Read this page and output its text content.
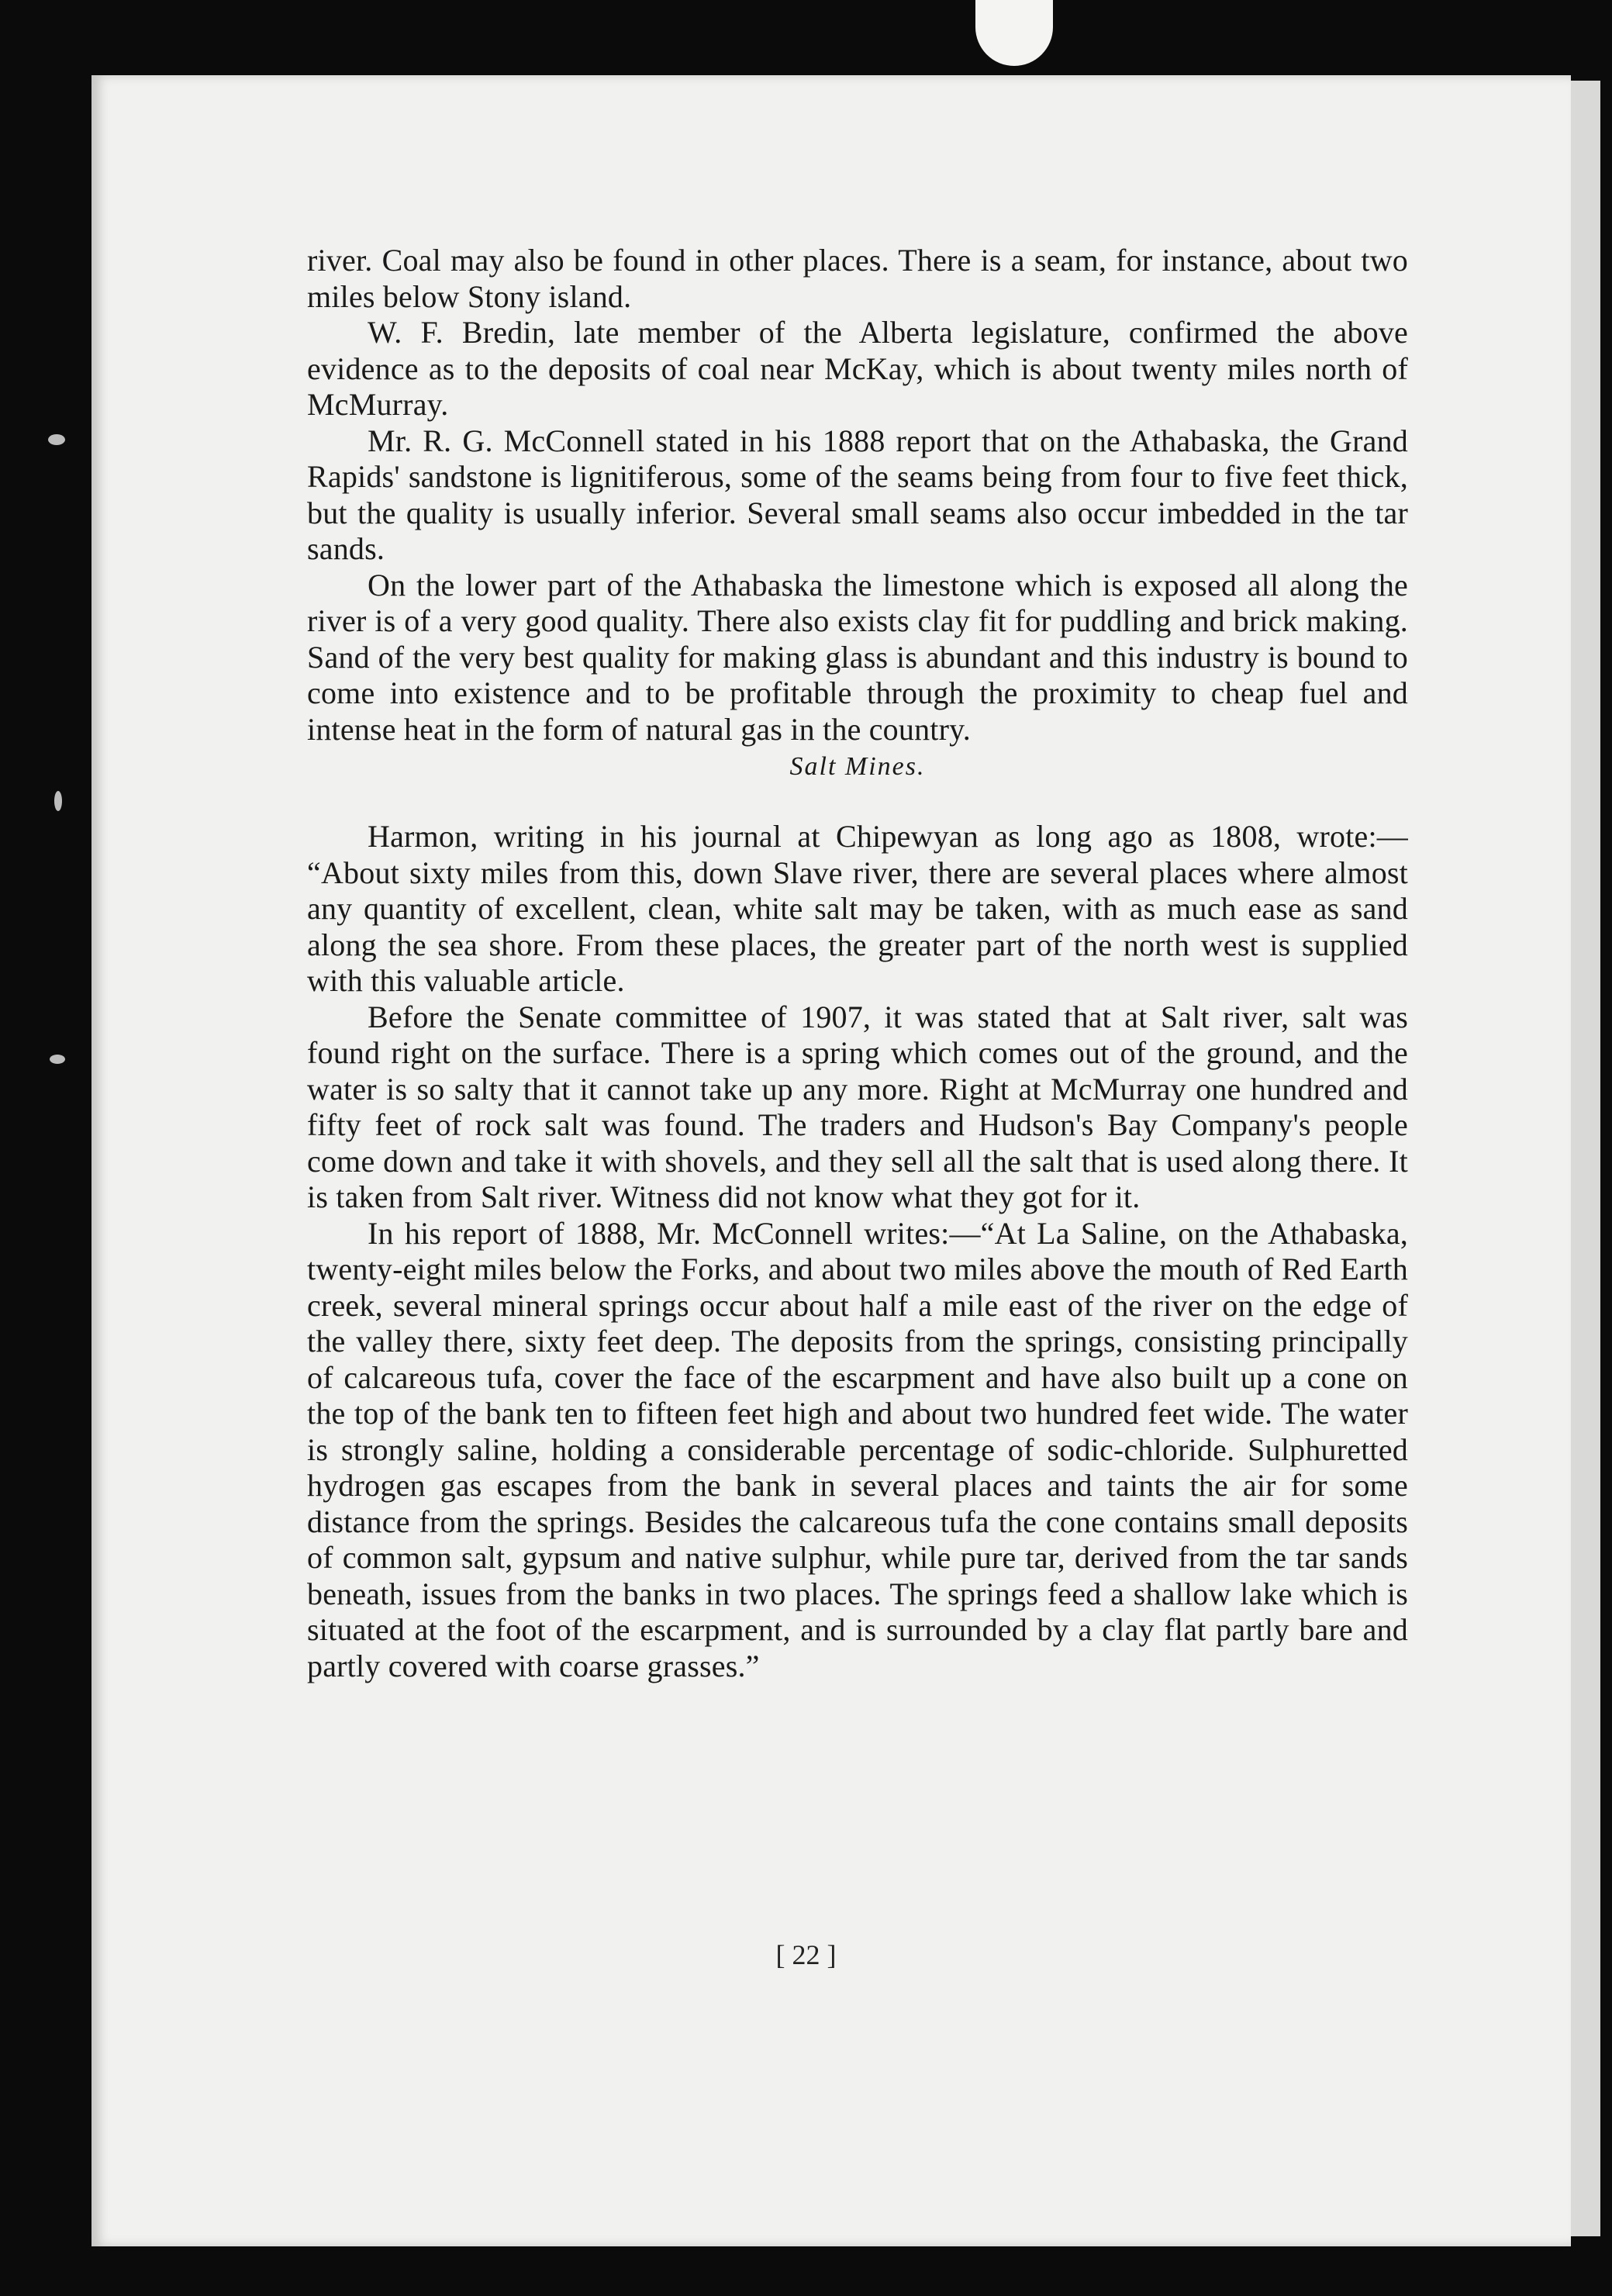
river. Coal may also be found in other places. There is a seam, for instance, about two miles below Stony island.

W. F. Bredin, late member of the Alberta legislature, confirmed the above evidence as to the deposits of coal near McKay, which is about twenty miles north of McMurray.

Mr. R. G. McConnell stated in his 1888 report that on the Athabaska, the Grand Rapids' sandstone is lignitiferous, some of the seams being from four to five feet thick, but the quality is usually inferior. Several small seams also occur imbedded in the tar sands.

On the lower part of the Athabaska the limestone which is exposed all along the river is of a very good quality. There also exists clay fit for puddling and brick making. Sand of the very best quality for making glass is abundant and this industry is bound to come into existence and to be profitable through the proximity to cheap fuel and intense heat in the form of natural gas in the country.

Salt Mines.

Harmon, writing in his journal at Chipewyan as long ago as 1808, wrote:— “About sixty miles from this, down Slave river, there are several places where almost any quantity of excellent, clean, white salt may be taken, with as much ease as sand along the sea shore. From these places, the greater part of the north west is supplied with this valuable article.

Before the Senate committee of 1907, it was stated that at Salt river, salt was found right on the surface. There is a spring which comes out of the ground, and the water is so salty that it cannot take up any more. Right at McMurray one hundred and fifty feet of rock salt was found. The traders and Hudson's Bay Company's people come down and take it with shovels, and they sell all the salt that is used along there. It is taken from Salt river. Witness did not know what they got for it.

In his report of 1888, Mr. McConnell writes:—“At La Saline, on the Athabaska, twenty-eight miles below the Forks, and about two miles above the mouth of Red Earth creek, several mineral springs occur about half a mile east of the river on the edge of the valley there, sixty feet deep. The deposits from the springs, consisting principally of calcareous tufa, cover the face of the escarpment and have also built up a cone on the top of the bank ten to fifteen feet high and about two hundred feet wide. The water is strongly saline, holding a considerable percentage of sodic-chloride. Sulphuretted hydrogen gas escapes from the bank in several places and taints the air for some distance from the springs. Besides the calcareous tufa the cone contains small deposits of common salt, gypsum and native sulphur, while pure tar, derived from the tar sands beneath, issues from the banks in two places. The springs feed a shallow lake which is situated at the foot of the escarpment, and is surrounded by a clay flat partly bare and partly covered with coarse grasses.”

[ 22 ]
